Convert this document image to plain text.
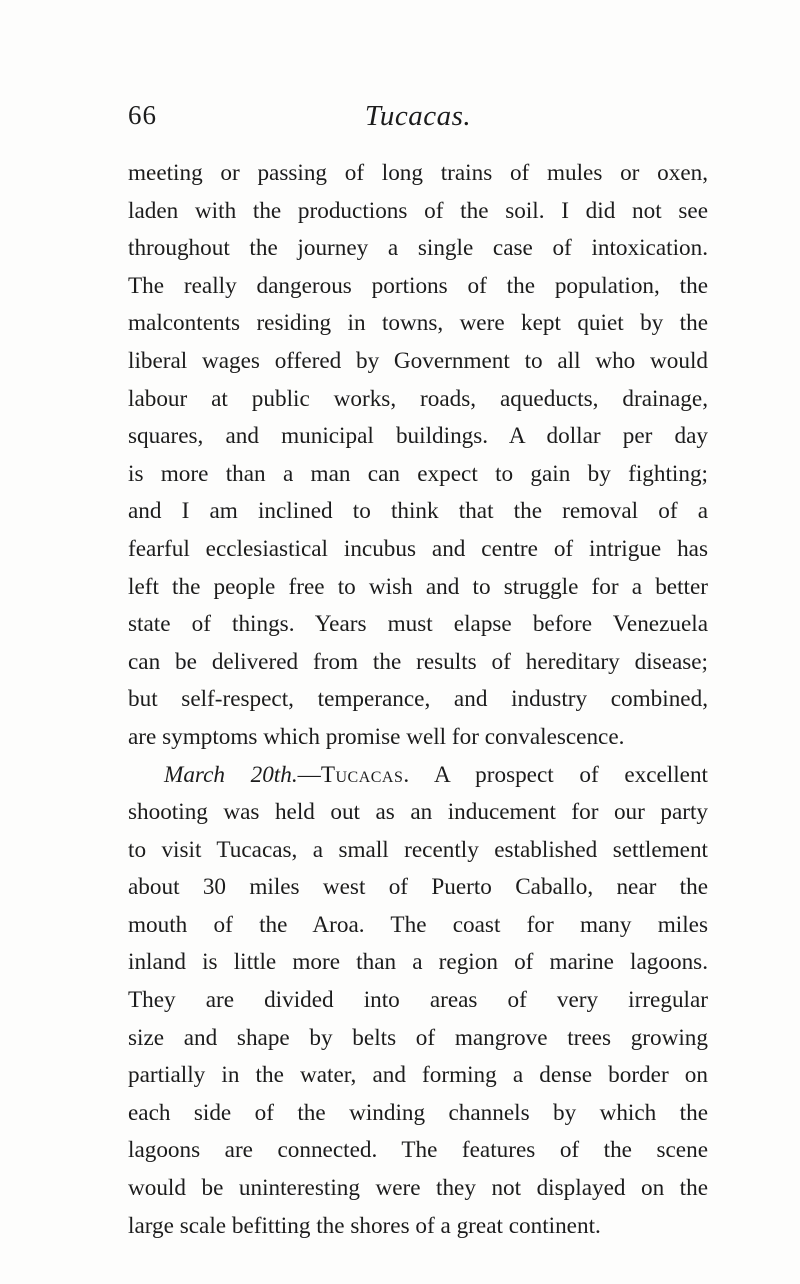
66	Tucacas.
meeting or passing of long trains of mules or oxen,
laden with the productions of the soil. I did not see
throughout the journey a single case of intoxication.
The really dangerous portions of the population, the
malcontents residing in towns, were kept quiet by the
liberal wages offered by Government to all who would
labour at public works, roads, aqueducts, drainage,
squares, and municipal buildings. A dollar per day
is more than a man can expect to gain by fighting;
and I am inclined to think that the removal of a
fearful ecclesiastical incubus and centre of intrigue has
left the people free to wish and to struggle for a better
state of things. Years must elapse before Venezuela
can be delivered from the results of hereditary disease;
but self-respect, temperance, and industry combined,
are symptoms which promise well for convalescence.
March 20th.—Tucacas. A prospect of excellent
shooting was held out as an inducement for our party
to visit Tucacas, a small recently established settlement
about 30 miles west of Puerto Caballo, near the
mouth of the Aroa. The coast for many miles
inland is little more than a region of marine lagoons.
They are divided into areas of very irregular
size and shape by belts of mangrove trees growing
partially in the water, and forming a dense border on
each side of the winding channels by which the
lagoons are connected. The features of the scene
would be uninteresting were they not displayed on the
large scale befitting the shores of a great continent.
